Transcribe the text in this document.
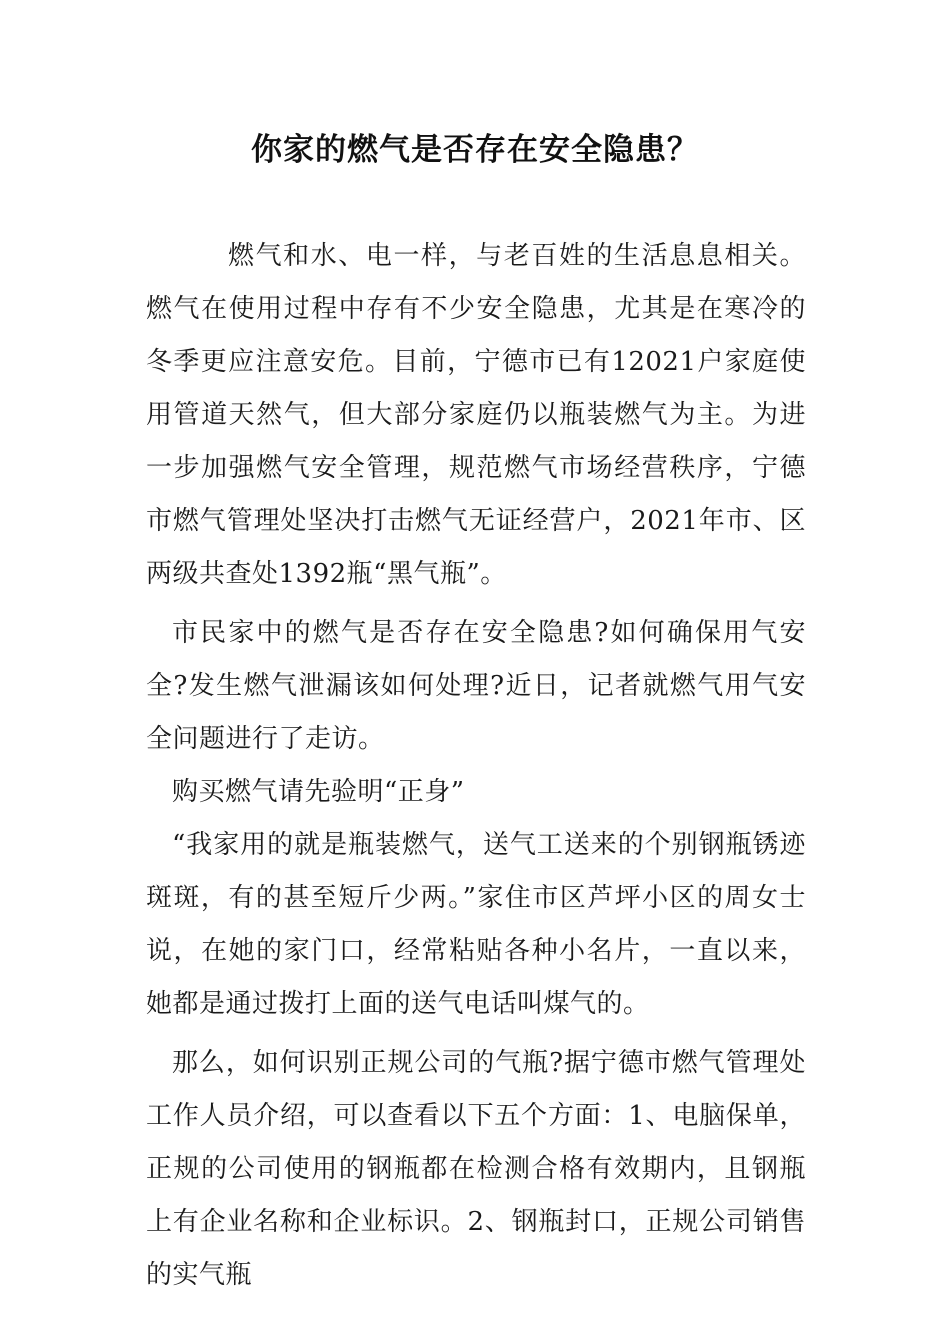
你家的燃气是否存在安全隐患？

燃气和水、电一样，与老百姓的生活息息相关。燃气在使用过程中存有不少安全隐患，尤其是在寒冷的冬季更应注意安危。目前，宁德市已有12021户家庭使用管道天然气，但大部分家庭仍以瓶装燃气为主。为进一步加强燃气安全管理，规范燃气市场经营秩序，宁德市燃气管理处坚决打击燃气无证经营户，2021年市、区两级共查处1392瓶“黑气瓶”。

市民家中的燃气是否存在安全隐患?如何确保用气安全?发生燃气泄漏该如何处理?近日，记者就燃气用气安全问题进行了走访。

购买燃气请先验明“正身”

“我家用的就是瓶装燃气，送气工送来的个别钢瓶锈迹斑斑，有的甚至短斤少两。”家住市区芦坪小区的周女士说，在她的家门口，经常粘贴各种小名片，一直以来，她都是通过拨打上面的送气电话叫煤气的。

那么，如何识别正规公司的气瓶?据宁德市燃气管理处工作人员介绍，可以查看以下五个方面：1、电脑保单，正规的公司使用的钢瓶都在检测合格有效期内，且钢瓶上有企业名称和企业标识。2、钢瓶封口，正规公司销售的实气瓶
